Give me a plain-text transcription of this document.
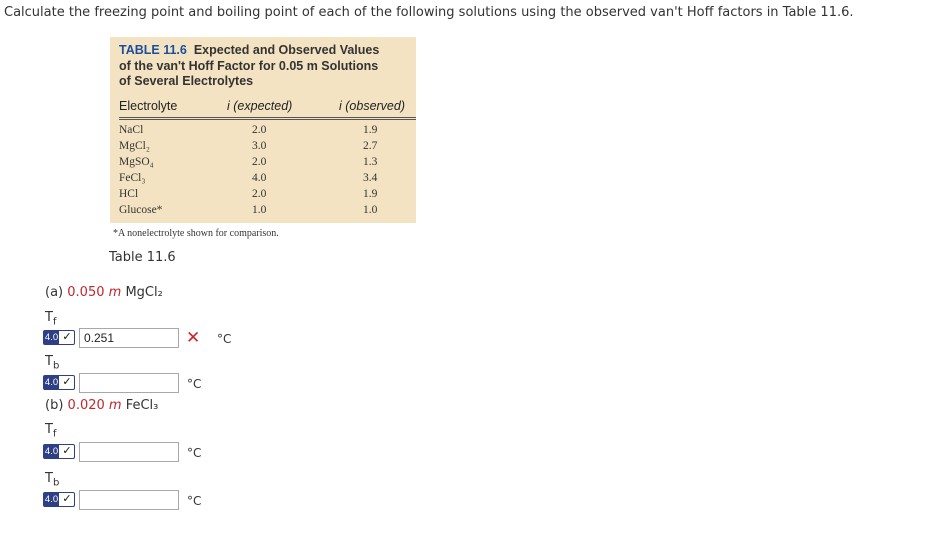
Calculate the freezing point and boiling point of each of the following solutions using the observed van't Hoff factors in Table 11.6.
TABLE 11.6 Expected and Observed Values
of the van't Hoff Factor for 0.05 m Solutions
of Several Electrolytes
Electrolyte	i (expected)	i (observed)
NaCl	2.0	1.9
MgCl₂	3.0	2.7
MgSO₄	2.0	1.3
FeCl₃	4.0	3.4
HCl	2.0	1.9
Glucose*	1.0	1.0
*A nonelectrolyte shown for comparison.
Table 11.6
(a) 0.050 m MgCl₂
$T_f$
4.0 ✓
0.251	✕ °C
$T_b$
4.0 ✓	°C
(b) 0.020 m FeCl₃
$T_f$
4.0 ✓	°C
$T_b$
4.0 ✓	°C
